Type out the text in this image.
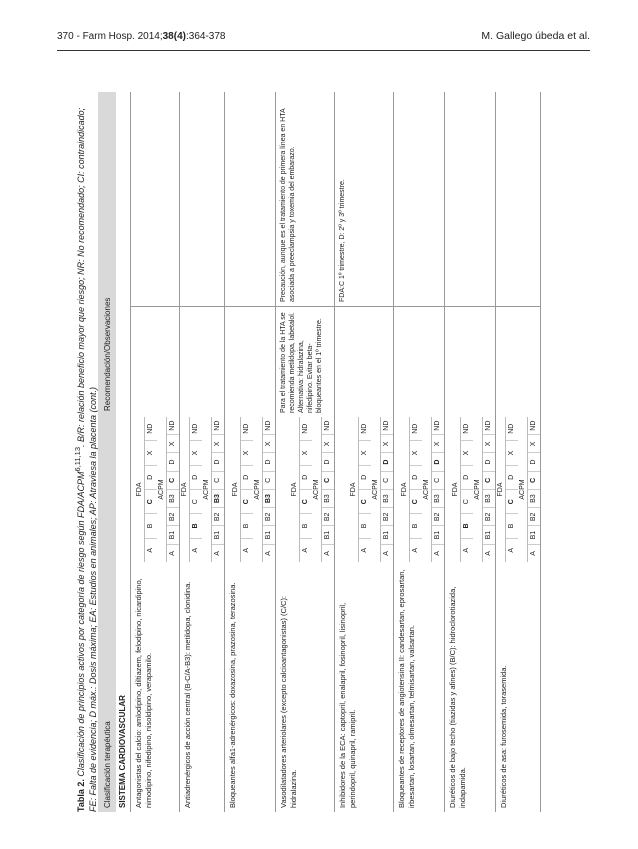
370 - Farm Hosp. 2014;38(4):364-378	M. Gallego úbeda et al.
Tabla 2. Clasificación de principios activos por categoría de riesgo según FDA/ACPM$^{6,11,13}$. B/R: relación beneficio mayor que riesgo; NR: No recomendado; CI: contraindicado;
FE: Falta de evidencia; D máx.: Dosis máxima; EA: Estudios en animales; AP: Atraviesa la placenta (cont.) Clasificación terapéutica
Recomendación/Observaciones
SISTEMA CARDIOVASCULAR Antagonistas del calcio: amlodipino, diltiazem, felodipino, nicardipino, nimodipino, nifedipino, nisoldipino, verapamilo.
FDA
A
B
C
D
X
ND
ACPM
A
B1
B2
B3
C
D
X
ND
Antiadrenérgicos de acción central (B-C/A-B3): metildopa, clonidina.
FDA
A
B
C
D
X
ND
ACPM
A
B1
B2
B3
C
D
X
ND
Bloqueantes alfa1-adrenérgicos: doxazosina, prazosina, terazosina.
FDA
A
B
C
D
X
ND
ACPM
A
B1
B2
B3
C
D
X
ND
Vasodilatadores arteriolares (excepto calcioantagonistas) (C/C): hidralazina.
FDA
A
B
C
D
X
ND
ACPM
A
B1
B2
B3
C
D
X
ND
Para el tratamiento de la HTA se recomienda metildopa, labetalol. Alternativa: hidralazina, nifedipino. Evitar beta-bloqueantes en el 1º trimestre.
Precaución, aunque es el tratamiento de primera línea en HTA asociada a preeclampsia y toxemia del embarazo.
Inhibidores de la ECA: captopril, enalapril, fosinopril, lisinopril, perindopril, quinapril, ramipril.
FDA
A
B
C
D
X
ND
ACPM
A
B1
B2
B3
C
D
X
ND
FDA:C 1º trimestre, D: 2º y 3º trimestre.
Bloqueantes de receptores de angiotensina II: candesartan, eprosartan, irbesartan, losartan, olmesartan, telmisartan, valsartan.
FDA
A
B
C
D
X
ND
ACPM
A
B1
B2
B3
C
D
X
ND
Diuréticos de bajo techo (tiazidas y afines) (B/C): hidroclorotiazida, indapamida.
FDA
A
B
C
D
X
ND
ACPM
A
B1
B2
B3
C
D
X
ND
Diuréticos de asa: furosemida, torasemida.
FDA
A
B
C
D
X
ND
ACPM
A
B1
B2
B3
C
D
X
ND
